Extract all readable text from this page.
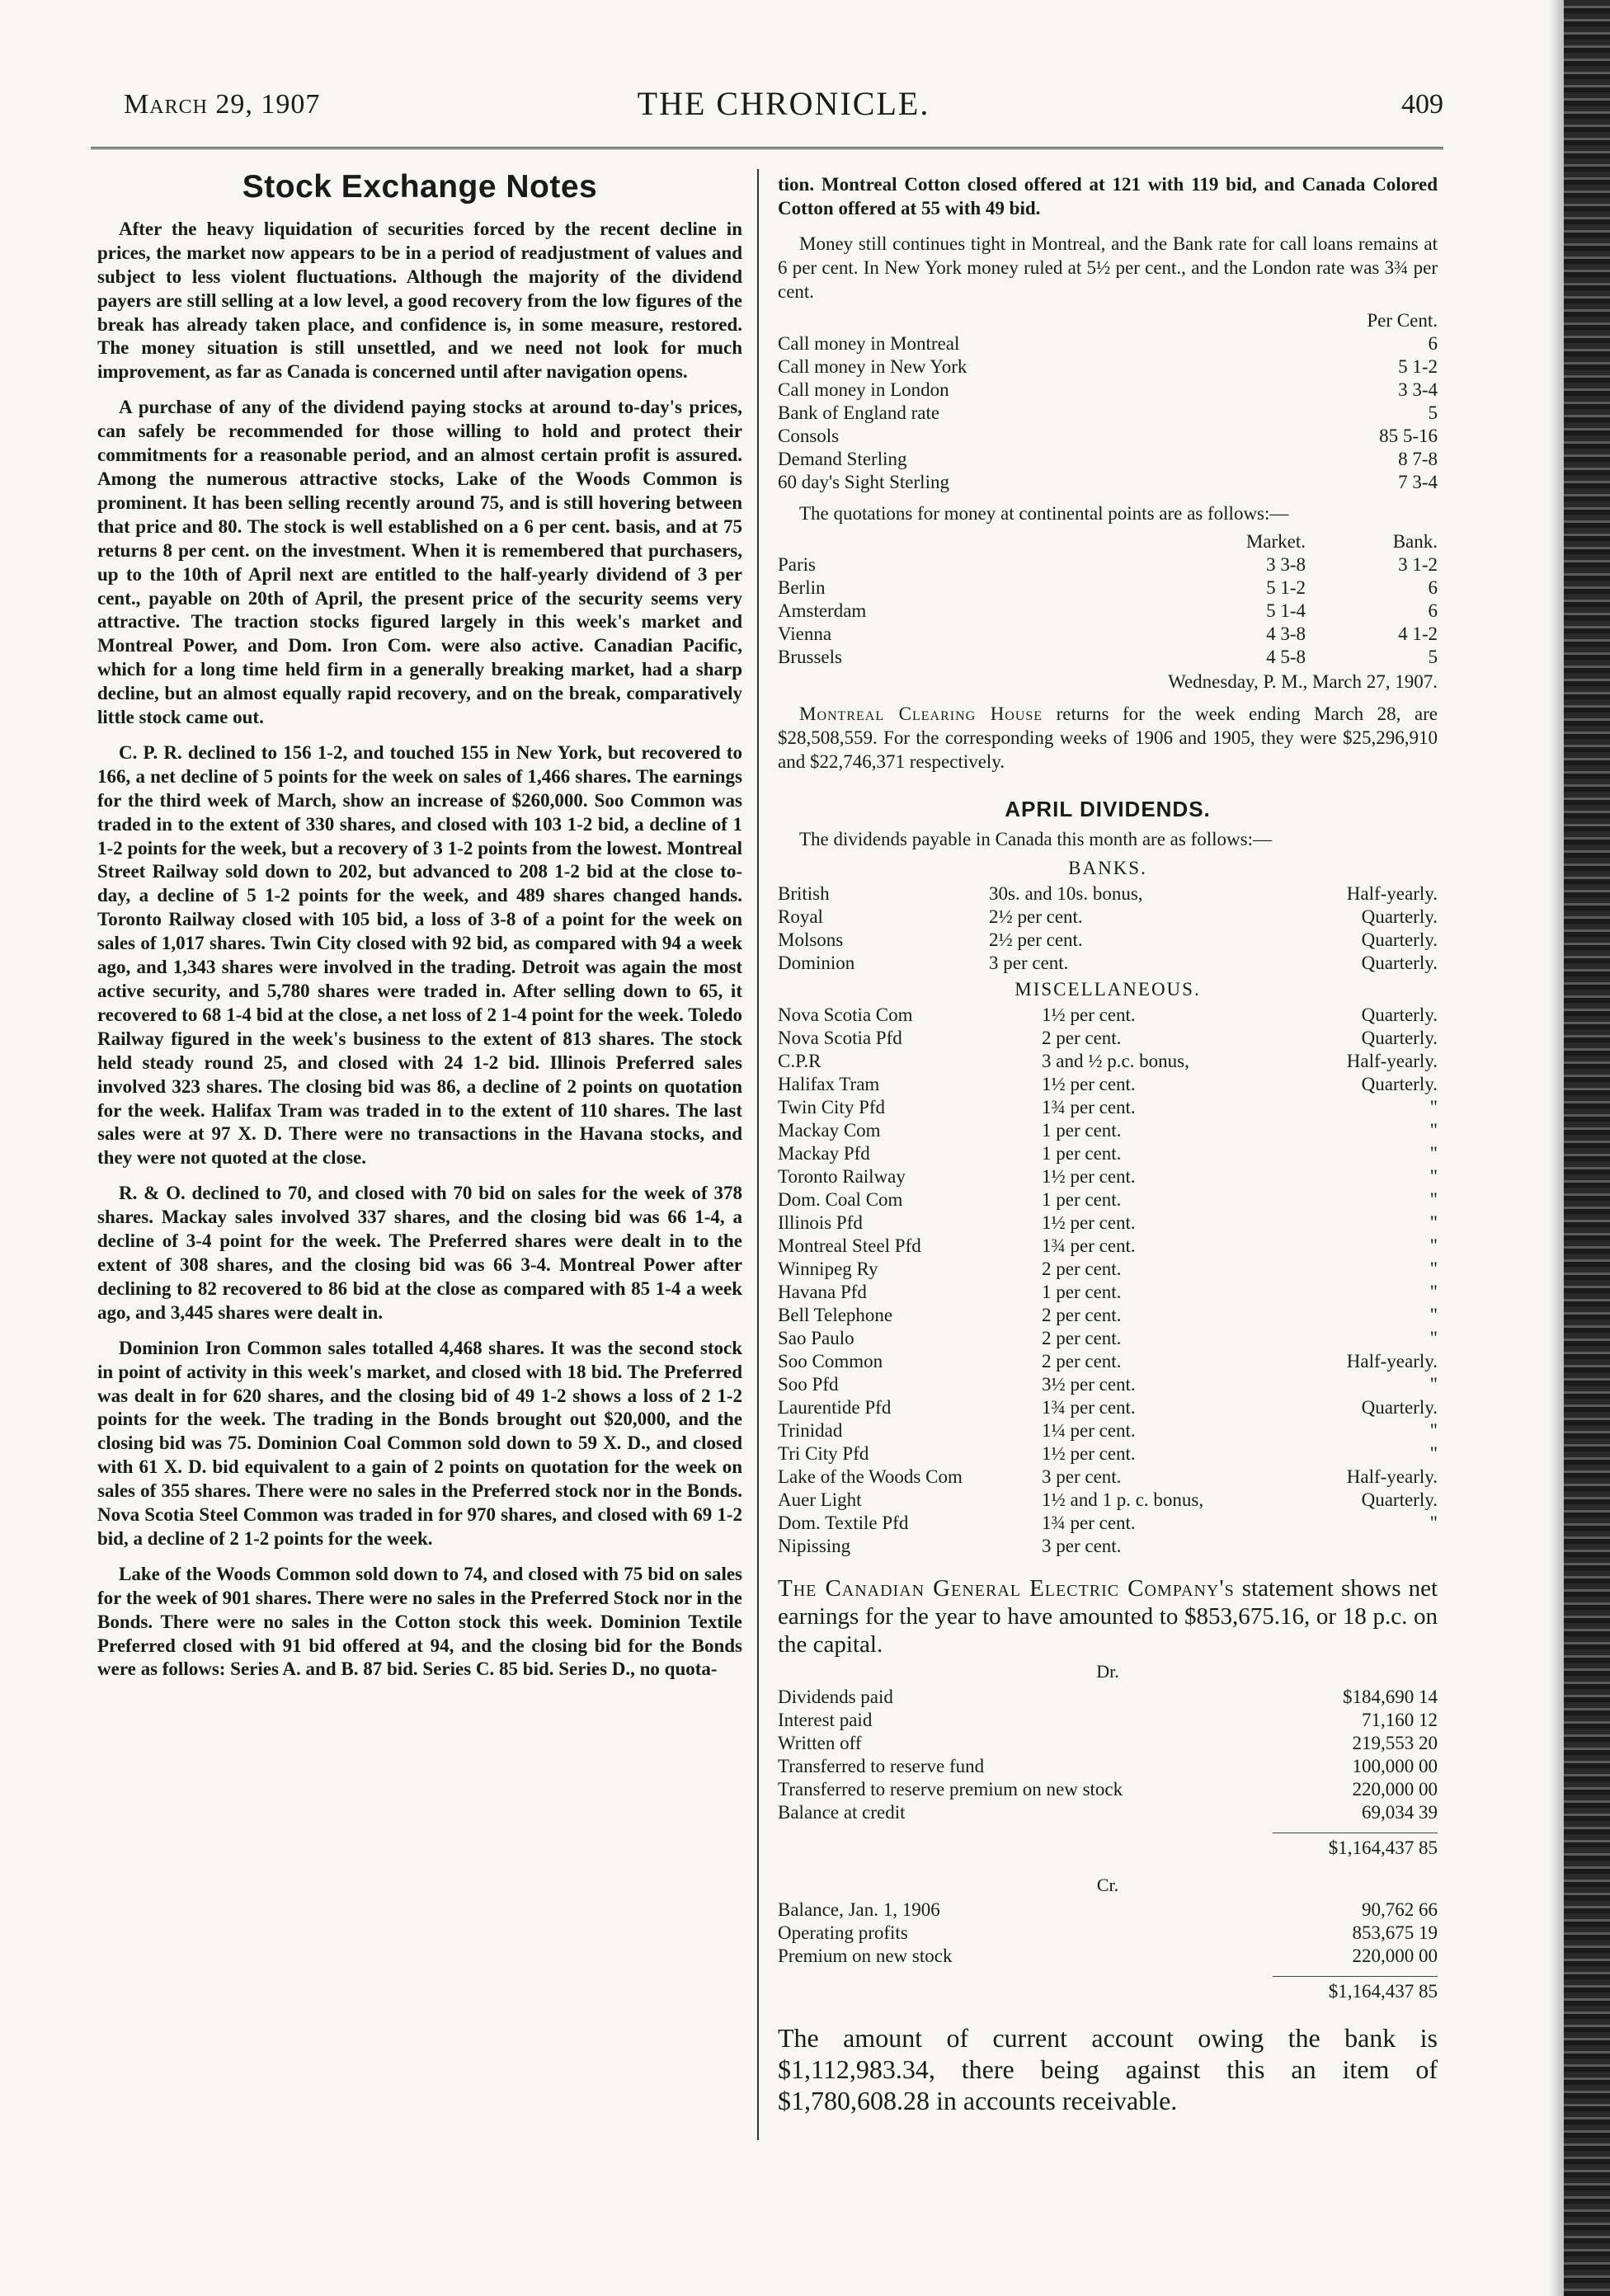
March 29, 1907	THE CHRONICLE.	409
Stock Exchange Notes

After the heavy liquidation of securities forced by the recent decline in prices, the market now appears to be in a period of readjustment of values and subject to less violent fluctuations. Although the majority of the dividend payers are still selling at a low level, a good recovery from the low figures of the break has already taken place, and confidence is, in some measure, restored. The money situation is still unsettled, and we need not look for much improvement, as far as Canada is concerned until after navigation opens.

A purchase of any of the dividend paying stocks at around to-day's prices, can safely be recommended for those willing to hold and protect their commitments for a reasonable period, and an almost certain profit is assured. Among the numerous attractive stocks, Lake of the Woods Common is prominent. It has been selling recently around 75, and is still hovering between that price and 80. The stock is well established on a 6 per cent. basis, and at 75 returns 8 per cent. on the investment. When it is remembered that purchasers, up to the 10th of April next are entitled to the half-yearly dividend of 3 per cent., payable on 20th of April, the present price of the security seems very attractive. The traction stocks figured largely in this week's market and Montreal Power, and Dom. Iron Com. were also active. Canadian Pacific, which for a long time held firm in a generally breaking market, had a sharp decline, but an almost equally rapid recovery, and on the break, comparatively little stock came out.

C. P. R. declined to 156 1-2, and touched 155 in New York, but recovered to 166, a net decline of 5 points for the week on sales of 1,466 shares. The earnings for the third week of March, show an increase of $260,000. Soo Common was traded in to the extent of 330 shares, and closed with 103 1-2 bid, a decline of 1 1-2 points for the week, but a recovery of 3 1-2 points from the lowest. Montreal Street Railway sold down to 202, but advanced to 208 1-2 bid at the close to-day, a decline of 5 1-2 points for the week, and 489 shares changed hands. Toronto Railway closed with 105 bid, a loss of 3-8 of a point for the week on sales of 1,017 shares. Twin City closed with 92 bid, as compared with 94 a week ago, and 1,343 shares were involved in the trading. Detroit was again the most active security, and 5,780 shares were traded in. After selling down to 65, it recovered to 68 1-4 bid at the close, a net loss of 2 1-4 point for the week. Toledo Railway figured in the week's business to the extent of 813 shares. The stock held steady round 25, and closed with 24 1-2 bid. Illinois Preferred sales involved 323 shares. The closing bid was 86, a decline of 2 points on quotation for the week. Halifax Tram was traded in to the extent of 110 shares. The last sales were at 97 X. D. There were no transactions in the Havana stocks, and they were not quoted at the close.

R. & O. declined to 70, and closed with 70 bid on sales for the week of 378 shares. Mackay sales involved 337 shares, and the closing bid was 66 1-4, a decline of 3-4 point for the week. The Preferred shares were dealt in to the extent of 308 shares, and the closing bid was 66 3-4. Montreal Power after declining to 82 recovered to 86 bid at the close as compared with 85 1-4 a week ago, and 3,445 shares were dealt in.

Dominion Iron Common sales totalled 4,468 shares. It was the second stock in point of activity in this week's market, and closed with 18 bid. The Preferred was dealt in for 620 shares, and the closing bid of 49 1-2 shows a loss of 2 1-2 points for the week. The trading in the Bonds brought out $20,000, and the closing bid was 75. Dominion Coal Common sold down to 59 X. D., and closed with 61 X. D. bid equivalent to a gain of 2 points on quotation for the week on sales of 355 shares. There were no sales in the Preferred stock nor in the Bonds. Nova Scotia Steel Common was traded in for 970 shares, and closed with 69 1-2 bid, a decline of 2 1-2 points for the week.

Lake of the Woods Common sold down to 74, and closed with 75 bid on sales for the week of 901 shares. There were no sales in the Preferred Stock nor in the Bonds. There were no sales in the Cotton stock this week. Dominion Textile Preferred closed with 91 bid offered at 94, and the closing bid for the Bonds were as follows: Series A. and B. 87 bid. Series C. 85 bid. Series D., no quota-

tion. Montreal Cotton closed offered at 121 with 119 bid, and Canada Colored Cotton offered at 55 with 49 bid.

Money still continues tight in Montreal, and the Bank rate for call loans remains at 6 per cent. In New York money ruled at 5½ per cent., and the London rate was 3¾ per cent.

	Per Cent.
Call money in Montreal	6
Call money in New York	5 1-2
Call money in London	3 3-4
Bank of England rate	5
Consols	85 5-16
Demand Sterling	8 7-8
60 day's Sight Sterling	7 3-4

The quotations for money at continental points are as follows:—

	Market.	Bank.
Paris	3 3-8	3 1-2
Berlin	5 1-2	6
Amsterdam	5 1-4	6
Vienna	4 3-8	4 1-2
Brussels	4 5-8	5
Wednesday, P. M., March 27, 1907.

Montreal Clearing House returns for the week ending March 28, are $28,508,559. For the corresponding weeks of 1906 and 1905, they were $25,296,910 and $22,746,371 respectively.

APRIL DIVIDENDS.

The dividends payable in Canada this month are as follows:—

BANKS.
British	30s. and 10s. bonus,	Half-yearly.
Royal	2½ per cent.	Quarterly.
Molsons	2½ per cent.	Quarterly.
Dominion	3 per cent.	Quarterly.
MISCELLANEOUS.
Nova Scotia Com	1½ per cent.	Quarterly.
Nova Scotia Pfd	2 per cent.	Quarterly.
C.P.R	3 and ½ p.c. bonus,	Half-yearly.
Halifax Tram	1½ per cent.	Quarterly.
Twin City Pfd	1¾ per cent.	"
Mackay Com	1 per cent.	"
Mackay Pfd	1 per cent.	"
Toronto Railway	1½ per cent.	"
Dom. Coal Com	1 per cent.	"
Illinois Pfd	1½ per cent.	"
Montreal Steel Pfd	1¾ per cent.	"
Winnipeg Ry	2 per cent.	"
Havana Pfd	1 per cent.	"
Bell Telephone	2 per cent.	"
Sao Paulo	2 per cent.	"
Soo Common	2 per cent.	Half-yearly.
Soo Pfd	3½ per cent.	"
Laurentide Pfd	1¾ per cent.	Quarterly.
Trinidad	1¼ per cent.	"
Tri City Pfd	1½ per cent.	"
Lake of the Woods Com	3 per cent.	Half-yearly.
Auer Light	1½ and 1 p. c. bonus,	Quarterly.
Dom. Textile Pfd	1¾ per cent.	"
Nipissing	3 per cent.	

The Canadian General Electric Company's statement shows net earnings for the year to have amounted to $853,675.16, or 18 p.c. on the capital.

Dr.
Dividends paid	$184,690 14
Interest paid	71,160 12
Written off	219,553 20
Transferred to reserve fund	100,000 00
Transferred to reserve premium on new stock	220,000 00
Balance at credit	69,034 39
$1,164,437 85
Cr.
Balance, Jan. 1, 1906	90,762 66
Operating profits	853,675 19
Premium on new stock	220,000 00
$1,164,437 85

The amount of current account owing the bank is $1,112,983.34, there being against this an item of $1,780,608.28 in accounts receivable.
